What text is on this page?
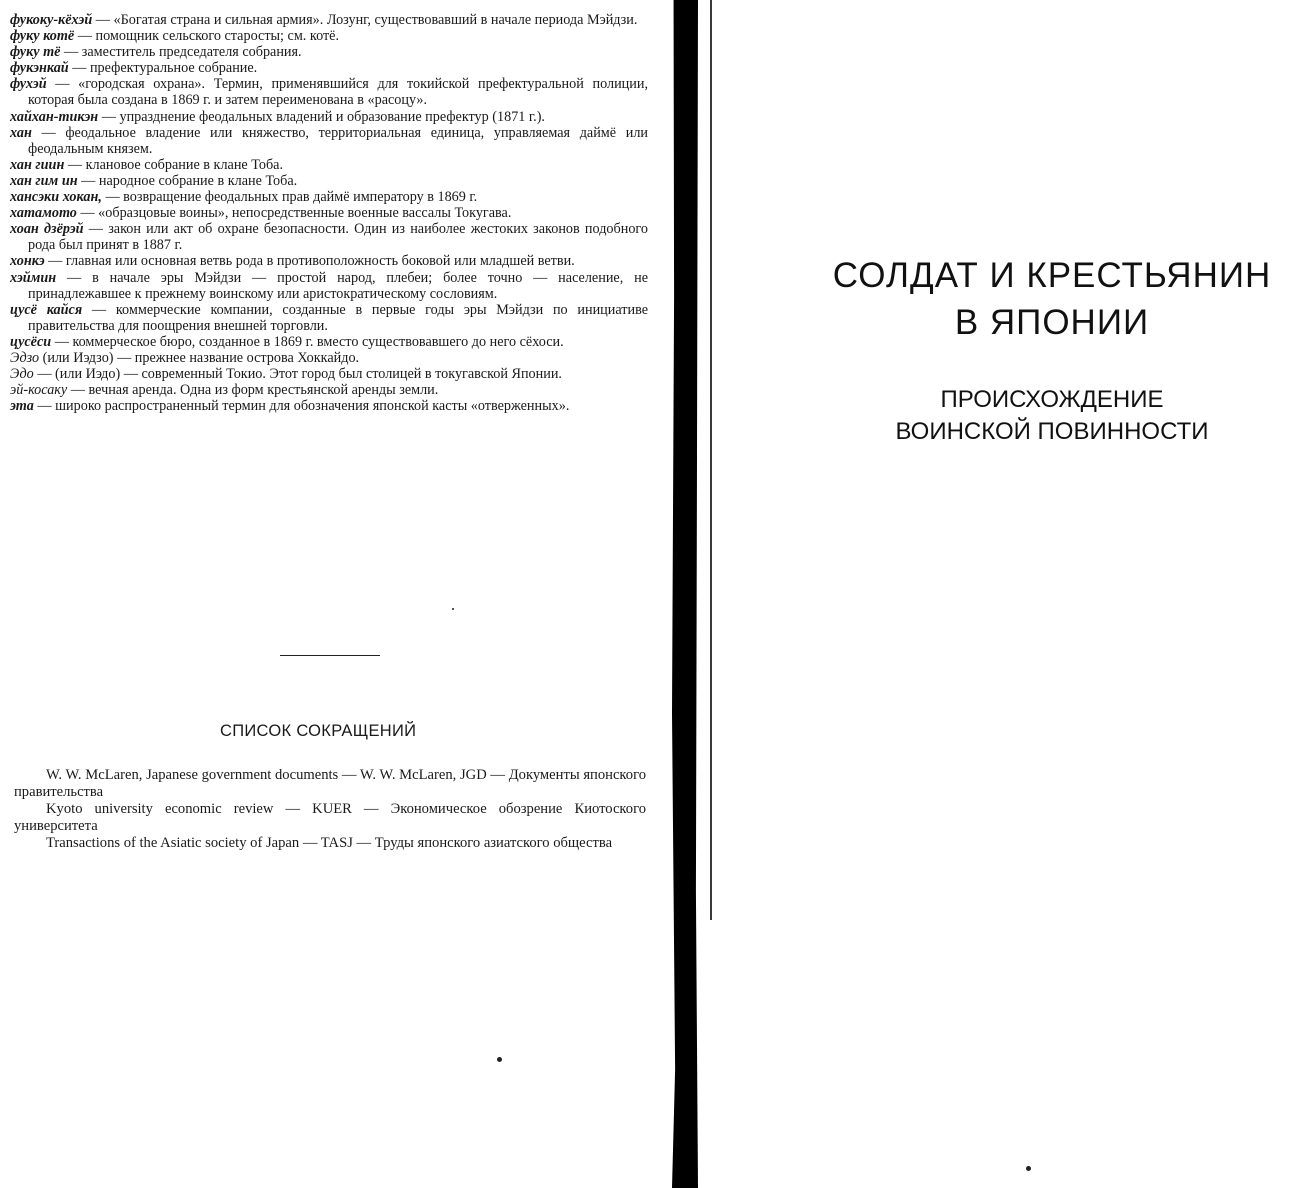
фукоку-кёхэй — «Богатая страна и сильная армия». Лозунг, существовавший в начале периода Мэйдзи.

фуку котё — помощник сельского старосты; см. котё.

фуку тё — заместитель председателя собрания.

фукэнкай — префектуральное собрание.

фухэй — «городская охрана». Термин, применявшийся для токийской префектуральной полиции, которая была создана в 1869 г. и затем переименована в «расоцу».

хайхан-тикэн — упразднение феодальных владений и образование префектур (1871 г.).

хан — феодальное владение или княжество, территориальная единица, управляемая даймё или феодальным князем.

хан гиин — клановое собрание в клане Тоба.

хан гим ин — народное собрание в клане Тоба.

хансэки хокан, — возвращение феодальных прав даймё императору в 1869 г.

хатамото — «образцовые воины», непосредственные военные вассалы Токугава.

хоан дзёрэй — закон или акт об охране безопасности. Один из наиболее жестоких законов подобного рода был принят в 1887 г.

хонкэ — главная или основная ветвь рода в противоположность боковой или младшей ветви.

хэймин — в начале эры Мэйдзи — простой народ, плебеи; более точно — население, не принадлежавшее к прежнему воинскому или аристократическому сословиям.

цусё кайся — коммерческие компании, созданные в первые годы эры Мэйдзи по инициативе правительства для поощрения внешней торговли.

цусёси — коммерческое бюро, созданное в 1869 г. вместо существовавшего до него сёхоси.

Эдзо (или Иэдзо) — прежнее название острова Хоккайдо.

Эдо — (или Иэдо) — современный Токио. Этот город был столицей в токугавской Японии.

эй-косаку — вечная аренда. Одна из форм крестьянской аренды земли.

эта — широко распространенный термин для обозначения японской касты «отверженных».

СПИСОК СОКРАЩЕНИЙ

W. W. McLaren, Japanese government documents — W. W. McLaren, JGD — Документы японского правительства

Kyoto university economic review — KUER — Экономическое обозрение Киотоского университета

Transactions of the Asiatic society of Japan — TASJ — Труды японского азиатского общества

СОЛДАТ И КРЕСТЬЯНИН
В ЯПОНИИ
ПРОИСХОЖДЕНИЕ
ВОИНСКОЙ ПОВИННОСТИ
